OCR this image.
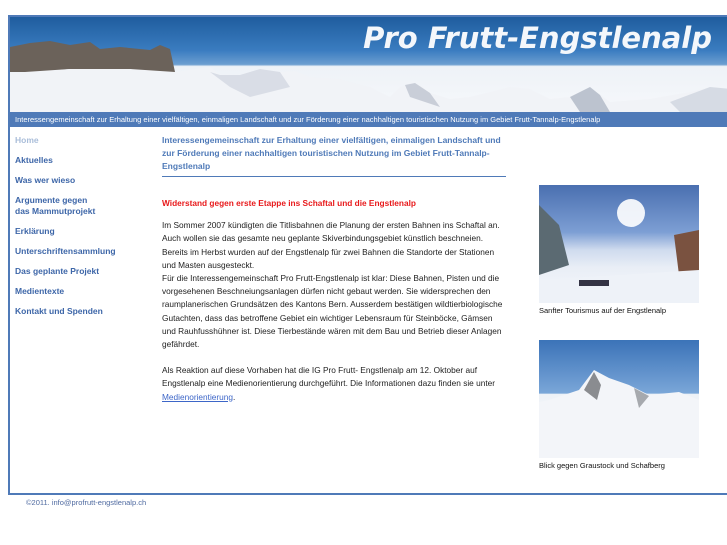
Pro Frutt-Engstlenalp
Interessengemeinschaft zur Erhaltung einer vielfältigen, einmaligen Landschaft und zur Förderung einer nachhaltigen touristischen Nutzung im Gebiet Frutt-Tannalp-Engstlenalp
Home
Aktuelles
Was wer wieso
Argumente gegen
das Mammutprojekt
Erklärung
Unterschriftensammlung
Das geplante Projekt
Medientexte
Kontakt und Spenden
Interessengemeinschaft zur Erhaltung einer vielfältigen, einmaligen Landschaft und zur Förderung einer nachhaltigen touristischen Nutzung im Gebiet Frutt-Tannalp-Engstlenalp
Widerstand gegen erste Etappe ins Schaftal und die Engstlenalp

Im Sommer 2007 kündigten die Titlisbahnen die Planung der ersten Bahnen ins Schaftal an. Auch wollen sie das gesamte neu geplante Skiverbindungsgebiet künstlich beschneien. Bereits im Herbst wurden auf der Engstlenalp für zwei Bahnen die Standorte der Stationen und Masten ausgesteckt.

Für die Interessengemeinschaft Pro Frutt-Engstlenalp ist klar: Diese Bahnen, Pisten und die vorgesehenen Beschneiungsanlagen dürfen nicht gebaut werden. Sie widersprechen den raumplanerischen Grundsätzen des Kantons Bern. Ausserdem bestätigen wildtierbiologische Gutachten, dass das betroffene Gebiet ein wichtiger Lebensraum für Steinböcke, Gämsen und Rauhfusshühner ist. Diese Tierbestände wären mit dem Bau und Betrieb dieser Anlagen gefährdet.

Als Reaktion auf diese Vorhaben hat die IG Pro Frutt- Engstlenalp am 12. Oktober auf Engstlenalp eine Medienorientierung durchgeführt. Die Informationen dazu finden sie unter Medienorientierung.

Sanfter Tourismus auf der Engstlenalp
Blick gegen Graustock und Schafberg
©2011. info@profrutt-engstlenalp.ch
